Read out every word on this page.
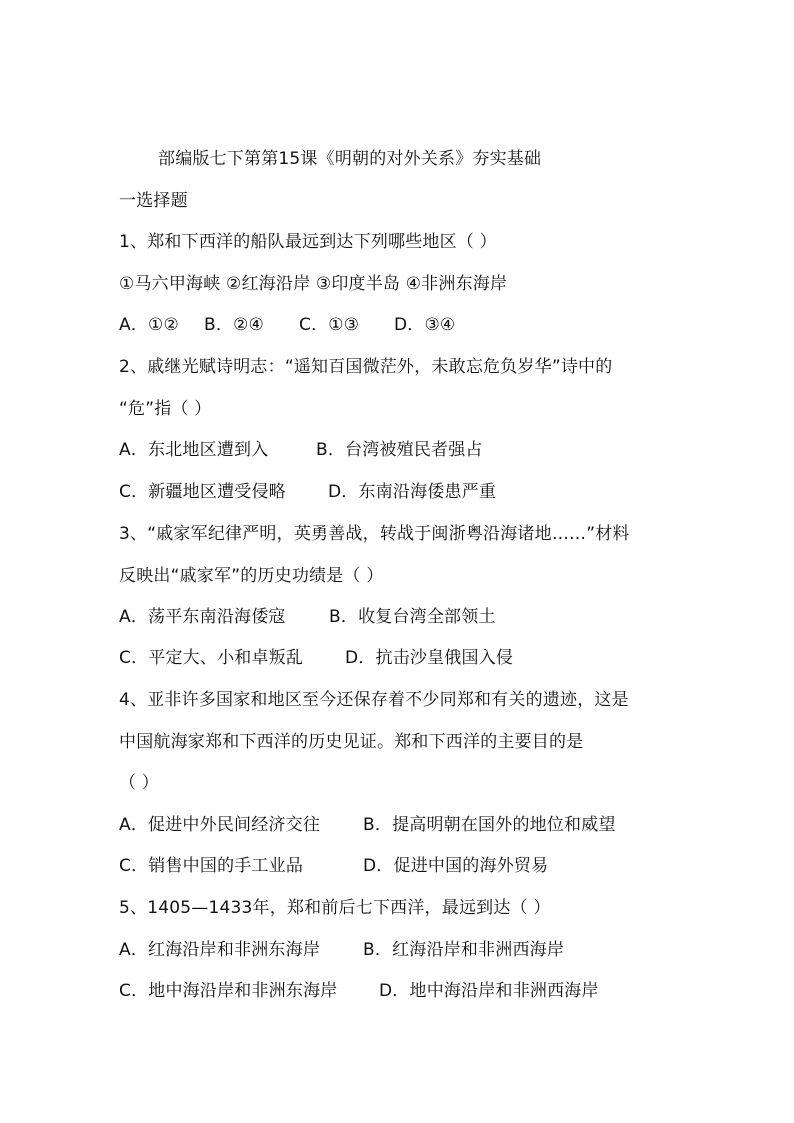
部编版七下第第15课《明朝的对外关系》夯实基础
一选择题
1、郑和下西洋的船队最远到达下列哪些地区（ ）
①马六甲海峡 ②红海沿岸 ③印度半岛 ④非洲东海岸
A．①②	B．②④	C．①③	D．③④
2、戚继光赋诗明志：“遥知百国微茫外，未敢忘危负岁华”诗中的
“危”指（ ）
A．东北地区遭到入	B．台湾被殖民者强占
C．新疆地区遭受侵略	D．东南沿海倭患严重
3、“戚家军纪律严明，英勇善战，转战于闽浙粤沿海诸地……”材料
反映出“戚家军”的历史功绩是（ ）
A．荡平东南沿海倭寇	B．收复台湾全部领土
C．平定大、小和卓叛乱	D．抗击沙皇俄国入侵
4、亚非许多国家和地区至今还保存着不少同郑和有关的遗迹，这是
中国航海家郑和下西洋的历史见证。郑和下西洋的主要目的是
（ ）
A．促进中外民间经济交往	B．提高明朝在国外的地位和威望
C．销售中国的手工业品	D．促进中国的海外贸易
5、1405—1433年，郑和前后七下西洋，最远到达（ ）
A．红海沿岸和非洲东海岸	B．红海沿岸和非洲西海岸
C．地中海沿岸和非洲东海岸	D．地中海沿岸和非洲西海岸
